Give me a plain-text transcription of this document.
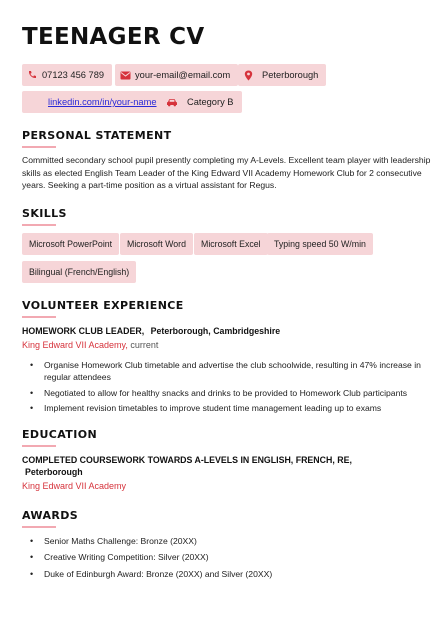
TEENAGER CV
07123 456 789	your-email@email.com	Peterborough
linkedin.com/in/your-name	Category B
PERSONAL STATEMENT
Committed secondary school pupil presently completing my A-Levels. Excellent team player with leadership skills as elected English Team Leader of the King Edward VII Academy Homework Club for 2 consecutive years. Seeking a part-time position as a virtual assistant for Regus.
SKILLS
Microsoft PowerPoint	Microsoft Word	Microsoft Excel	Typing speed 50 W/min
Bilingual (French/English)
VOLUNTEER EXPERIENCE
HOMEWORK CLUB LEADER, Peterborough, Cambridgeshire
King Edward VII Academy, current
• Organise Homework Club timetable and advertise the club schoolwide, resulting in 47% increase in regular attendees
• Negotiated to allow for healthy snacks and drinks to be provided to Homework Club participants
• Implement revision timetables to improve student time management leading up to exams
EDUCATION
COMPLETED COURSEWORK TOWARDS A-LEVELS IN ENGLISH, FRENCH, RE,
Peterborough
King Edward VII Academy
AWARDS
• Senior Maths Challenge: Bronze (20XX)
• Creative Writing Competition: Silver (20XX)
• Duke of Edinburgh Award: Bronze (20XX) and Silver (20XX)
